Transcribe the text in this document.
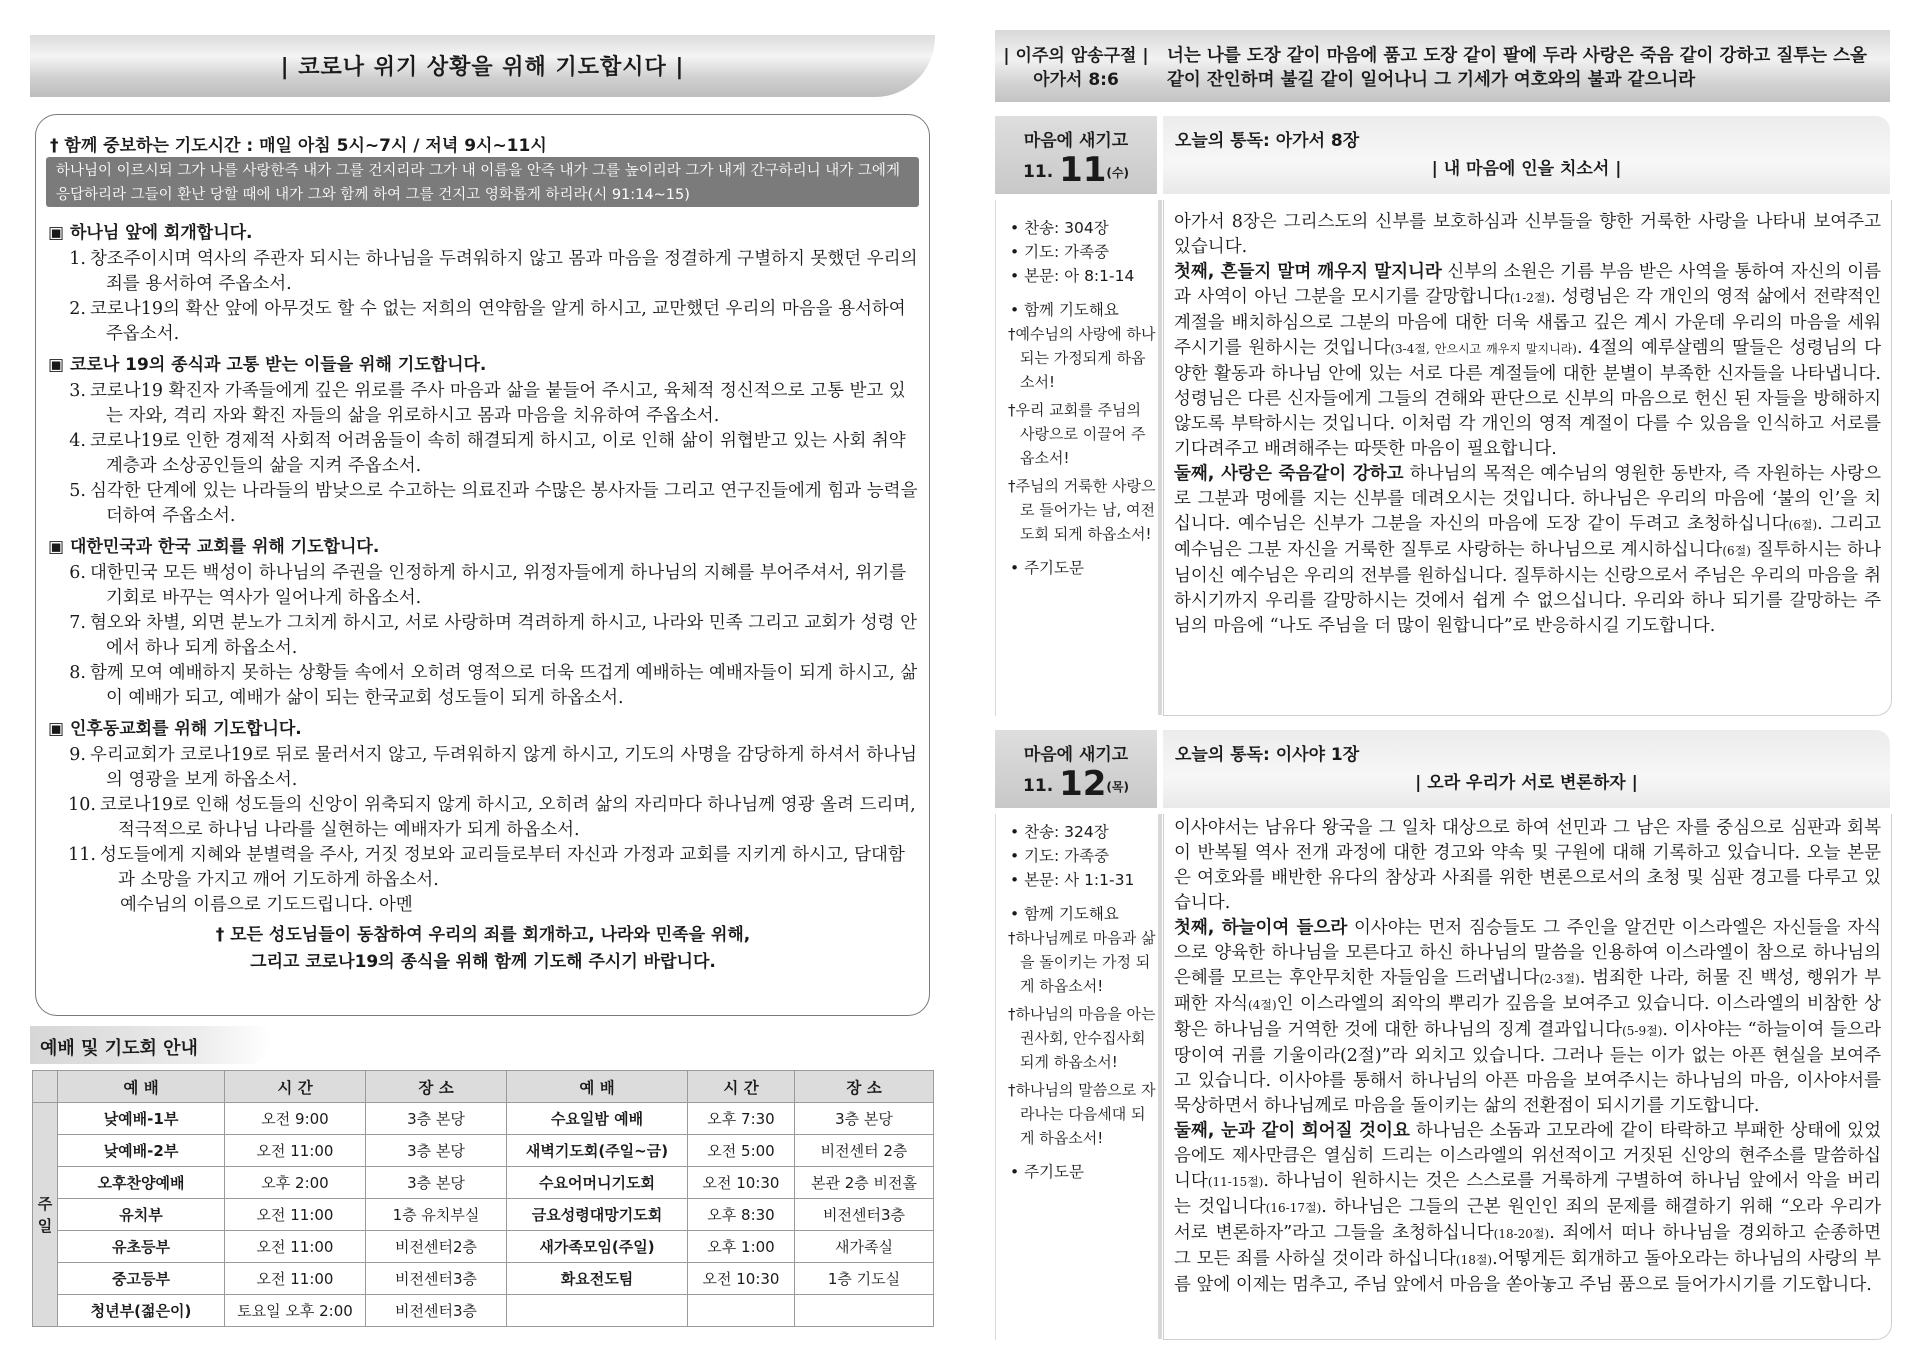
| 코로나 위기 상황을 위해 기도합시다 |
† 함께 중보하는 기도시간 : 매일 아침 5시~7시 / 저녁 9시~11시
하나님이 이르시되 그가 나를 사랑한즉 내가 그를 건지리라 그가 내 이름을 안즉 내가 그를 높이리라 그가 내게 간구하리니 내가 그에게 응답하리라 그들이 환난 당할 때에 내가 그와 함께 하여 그를 건지고 영화롭게 하리라(시 91:14~15)
▣ 하나님 앞에 회개합니다.
1. 창조주이시며 역사의 주관자 되시는 하나님을 두려워하지 않고 몸과 마음을 정결하게 구별하지 못했던 우리의 죄를 용서하여 주옵소서.
2. 코로나19의 확산 앞에 아무것도 할 수 없는 저희의 연약함을 알게 하시고, 교만했던 우리의 마음을 용서하여 주옵소서.
▣ 코로나 19의 종식과 고통 받는 이들을 위해 기도합니다.
3. 코로나19 확진자 가족들에게 깊은 위로를 주사 마음과 삶을 붙들어 주시고, 육체적 정신적으로 고통 받고 있는 자와, 격리 자와 확진 자들의 삶을 위로하시고 몸과 마음을 치유하여 주옵소서.
4. 코로나19로 인한 경제적 사회적 어려움들이 속히 해결되게 하시고, 이로 인해 삶이 위협받고 있는 사회 취약 계층과 소상공인들의 삶을 지켜 주옵소서.
5. 심각한 단계에 있는 나라들의 밤낮으로 수고하는 의료진과 수많은 봉사자들 그리고 연구진들에게 힘과 능력을 더하여 주옵소서.
▣ 대한민국과 한국 교회를 위해 기도합니다.
6. 대한민국 모든 백성이 하나님의 주권을 인정하게 하시고, 위정자들에게 하나님의 지혜를 부어주셔서, 위기를 기회로 바꾸는 역사가 일어나게 하옵소서.
7. 혐오와 차별, 외면 분노가 그치게 하시고, 서로 사랑하며 격려하게 하시고, 나라와 민족 그리고 교회가 성령 안에서 하나 되게 하옵소서.
8. 함께 모여 예배하지 못하는 상황들 속에서 오히려 영적으로 더욱 뜨겁게 예배하는 예배자들이 되게 하시고, 삶이 예배가 되고, 예배가 삶이 되는 한국교회 성도들이 되게 하옵소서.
▣ 인후동교회를 위해 기도합니다.
9. 우리교회가 코로나19로 뒤로 물러서지 않고, 두려워하지 않게 하시고, 기도의 사명을 감당하게 하셔서 하나님의 영광을 보게 하옵소서.
10. 코로나19로 인해 성도들의 신앙이 위축되지 않게 하시고, 오히려 삶의 자리마다 하나님께 영광 올려 드리며, 적극적으로 하나님 나라를 실현하는 예배자가 되게 하옵소서.
11. 성도들에게 지혜와 분별력을 주사, 거짓 정보와 교리들로부터 자신과 가정과 교회를 지키게 하시고, 담대함과 소망을 가지고 깨어 기도하게 하옵소서.
예수님의 이름으로 기도드립니다. 아멘
† 모든 성도님들이 동참하여 우리의 죄를 회개하고, 나라와 민족을 위해,
그리고 코로나19의 종식을 위해 함께 기도해 주시기 바랍니다.
예배 및 기도회 안내
	예 배	시 간	장 소	예 배	시 간	장 소
주일	낮예배-1부	오전 9:00	3층 본당	수요일밤 예배	오후 7:30	3층 본당
	낮예배-2부	오전 11:00	3층 본당	새벽기도회(주일~금)	오전 5:00	비전센터 2층
	오후찬양예배	오후 2:00	3층 본당	수요어머니기도회	오전 10:30	본관 2층 비전홀
	유치부	오전 11:00	1층 유치부실	금요성령대망기도회	오후 8:30	비전센터3층
	유초등부	오전 11:00	비전센터2층	새가족모임(주일)	오후 1:00	새가족실
	중고등부	오전 11:00	비전센터3층	화요전도팀	오전 10:30	1층 기도실
	청년부(젊은이)	토요일 오후 2:00	비전센터3층			
| 이주의 암송구절 |
아가서 8:6
너는 나를 도장 같이 마음에 품고 도장 같이 팔에 두라 사랑은 죽음 같이 강하고 질투는 스올 같이 잔인하며 불길 같이 일어나니 그 기세가 여호와의 불과 같으니라
마음에 새기고
11. 11(수)
오늘의 통독: 아가서 8장
| 내 마음에 인을 치소서 |
• 찬송: 304장
• 기도: 가족중
• 본문: 아 8:1-14
• 함께 기도해요
†예수님의 사랑에 하나되는 가정되게 하옵소서!
†우리 교회를 주님의 사랑으로 이끌어 주옵소서!
†주님의 거룩한 사랑으로 들어가는 남, 여전도회 되게 하옵소서!
• 주기도문

아가서 8장은 그리스도의 신부를 보호하심과 신부들을 향한 거룩한 사랑을 나타내 보여주고 있습니다.
첫째, 흔들지 말며 깨우지 말지니라 신부의 소원은 기름 부음 받은 사역을 통하여 자신의 이름과 사역이 아닌 그분을 모시기를 갈망합니다(1-2절). 성령님은 각 개인의 영적 삶에서 전략적인 계절을 배치하심으로 그분의 마음에 대한 더욱 새롭고 깊은 계시 가운데 우리의 마음을 세워주시기를 원하시는 것입니다(3-4절, 안으시고 깨우지 말지니라). 4절의 예루살렘의 딸들은 성령님의 다양한 활동과 하나님 안에 있는 서로 다른 계절들에 대한 분별이 부족한 신자들을 나타냅니다. 성령님은 다른 신자들에게 그들의 견해와 판단으로 신부의 마음으로 헌신 된 자들을 방해하지 않도록 부탁하시는 것입니다. 이처럼 각 개인의 영적 계절이 다를 수 있음을 인식하고 서로를 기다려주고 배려해주는 따뜻한 마음이 필요합니다.
둘째, 사랑은 죽음같이 강하고 하나님의 목적은 예수님의 영원한 동반자, 즉 자원하는 사랑으로 그분과 멍에를 지는 신부를 데려오시는 것입니다. 하나님은 우리의 마음에 ‘불의 인’을 치십니다. 예수님은 신부가 그분을 자신의 마음에 도장 같이 두려고 초청하십니다(6절). 그리고 예수님은 그분 자신을 거룩한 질투로 사랑하는 하나님으로 계시하십니다(6절) 질투하시는 하나님이신 예수님은 우리의 전부를 원하십니다. 질투하시는 신랑으로서 주님은 우리의 마음을 취하시기까지 우리를 갈망하시는 것에서 쉽게 수 없으십니다. 우리와 하나 되기를 갈망하는 주님의 마음에 “나도 주님을 더 많이 원합니다”로 반응하시길 기도합니다.

마음에 새기고
11. 12(목)
오늘의 통독: 이사야 1장
| 오라 우리가 서로 변론하자 |
• 찬송: 324장
• 기도: 가족중
• 본문: 사 1:1-31
• 함께 기도해요
†하나님께로 마음과 삶을 돌이키는 가정 되게 하옵소서!
†하나님의 마음을 아는 권사회, 안수집사회 되게 하옵소서!
†하나님의 말씀으로 자라나는 다음세대 되게 하옵소서!
• 주기도문

이사야서는 남유다 왕국을 그 일차 대상으로 하여 선민과 그 남은 자를 중심으로 심판과 회복이 반복될 역사 전개 과정에 대한 경고와 약속 및 구원에 대해 기록하고 있습니다. 오늘 본문은 여호와를 배반한 유다의 참상과 사죄를 위한 변론으로서의 초청 및 심판 경고를 다루고 있습니다.
첫째, 하늘이여 들으라 이사야는 먼저 짐승들도 그 주인을 알건만 이스라엘은 자신들을 자식으로 양육한 하나님을 모른다고 하신 하나님의 말씀을 인용하여 이스라엘이 참으로 하나님의 은혜를 모르는 후안무치한 자들임을 드러냅니다(2-3절). 범죄한 나라, 허물 진 백성, 행위가 부패한 자식(4절)인 이스라엘의 죄악의 뿌리가 깊음을 보여주고 있습니다. 이스라엘의 비참한 상황은 하나님을 거역한 것에 대한 하나님의 징계 결과입니다(5-9절). 이사야는 “하늘이여 들으라 땅이여 귀를 기울이라(2절)”라 외치고 있습니다. 그러나 듣는 이가 없는 아픈 현실을 보여주고 있습니다. 이사야를 통해서 하나님의 아픈 마음을 보여주시는 하나님의 마음, 이사야서를 묵상하면서 하나님께로 마음을 돌이키는 삶의 전환점이 되시기를 기도합니다.
둘째, 눈과 같이 희어질 것이요 하나님은 소돔과 고모라에 같이 타락하고 부패한 상태에 있었음에도 제사만큼은 열심히 드리는 이스라엘의 위선적이고 거짓된 신앙의 현주소를 말씀하십니다(11-15절). 하나님이 원하시는 것은 스스로를 거룩하게 구별하여 하나님 앞에서 악을 버리는 것입니다(16-17절). 하나님은 그들의 근본 원인인 죄의 문제를 해결하기 위해 “오라 우리가 서로 변론하자”라고 그들을 초청하십니다(18-20절). 죄에서 떠나 하나님을 경외하고 순종하면 그 모든 죄를 사하실 것이라 하십니다(18절).어떻게든 회개하고 돌아오라는 하나님의 사랑의 부름 앞에 이제는 멈추고, 주님 앞에서 마음을 쏟아놓고 주님 품으로 들어가시기를 기도합니다.
